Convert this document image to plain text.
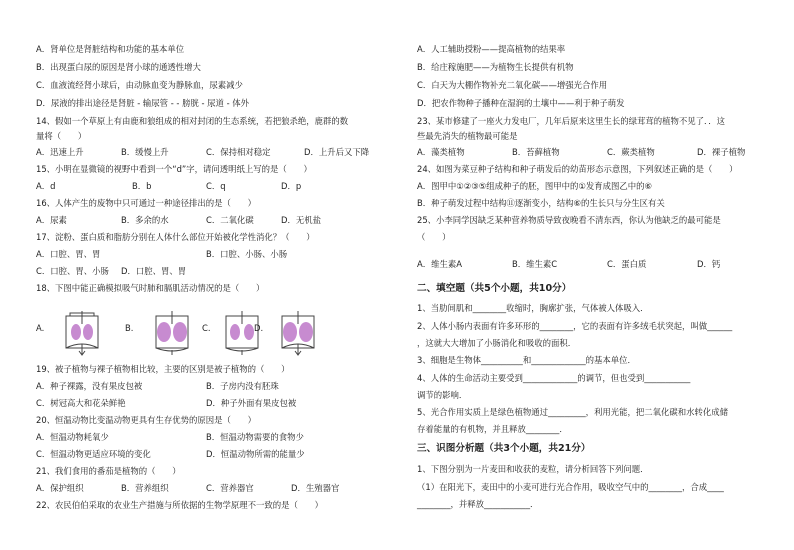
A．肾单位是肾脏结构和功能的基本单位
B．出现蛋白尿的原因是肾小球的通透性增大
C．血液流经肾小球后，由动脉血变为静脉血，尿素减少
D．尿液的排出途径是肾脏 - 输尿管 - - 膀胱 - 尿道 - 体外
14、假如一个草原上有由鹿和狼组成的相对封闭的生态系统，若把狼杀绝，鹿群的数
量将（　　）
A．迅速上升	B．缓慢上升	C．保持相对稳定	D．上升后又下降
15、小明在显微镜的视野中看到一个“d”字，请问透明纸上写的是（　　）
A．d	B．b	C．q	D．p
16、人体产生的废物中只可通过一种途径排出的是（　　）
A．尿素	B．多余的水	C．二氧化碳	D．无机盐
17、淀粉、蛋白质和脂肪分别在人体什么部位开始被化学性消化？（　　）
A．口腔、胃、胃	B．口腔、小肠、小肠
C．口腔、胃、小肠 D．口腔、胃、胃
18、下图中能正确模拟吸气时肺和膈肌活动情况的是（　　）
A.	B.	C.	D.
19、被子植物与裸子植物相比较，主要的区别是被子植物的（　　）
A．种子裸露，没有果皮包被	B．子房内没有胚珠
C．树冠高大和花朵鲜艳	D．种子外面有果皮包被
20、恒温动物比变温动物更具有生存优势的原因是（　　）
A．恒温动物耗氧少	B．恒温动物需要的食物少
C．恒温动物更适应环境的变化	D．恒温动物所需的能量少
21、我们食用的番茄是植物的（　　）
A．保护组织	B．营养组织	C．营养器官	D．生殖器官
22、农民伯伯采取的农业生产措施与所依据的生物学原理不一致的是（　　）
A．人工辅助授粉——提高植物的结果率
B．给庄稼施肥——为植物生长提供有机物
C．白天为大棚作物补充二氧化碳——增强光合作用
D．把农作物种子播种在湿润的土壤中——利于种子萌发
23、某市修建了一座火力发电厂，几年后原来这里生长的绿茸茸的植物不见了．．这
些最先消失的植物最可能是
A．藻类植物	B．苔藓植物	C．蕨类植物	D．裸子植物
24、如图为菜豆种子结构和种子萌发后的幼苗形态示意图，下列叙述正确的是（　　）
A．图甲中①②③⑤组成种子的胚，图甲中的①发育成图乙中的⑥
B．种子萌发过程中结构⑪逐渐变小，结构⑥的生长只与分生区有关
25、小李同学因缺乏某种营养物质导致夜晚看不清东西，你认为他缺乏的最可能是
（　　）
A．维生素A	B．维生素C	C．蛋白质	D．钙
二、填空题（共5个小题，共10分）
1、当肋间肌和________收缩时，胸廓扩张，气体被人体吸入．
2、人体小肠内表面有许多环形的________，它的表面有许多绒毛状突起，叫做______
，这就大大增加了小肠消化和吸收的面积．
3、细胞是生物体__________和_____________的基本单位．
4、人体的生命活动主要受到_____________的调节，但也受到___________
调节的影响．
5、光合作用实质上是绿色植物通过_________，利用光能，把二氧化碳和水转化成储
存着能量的有机物，并且释放________．
三、识图分析题（共3个小题，共21分）
1、下图分别为一片麦田和收获的麦粒，请分析回答下列问题．
（1）在阳光下，麦田中的小麦可进行光合作用，吸收空气中的________，合成____
________，并释放___________．
